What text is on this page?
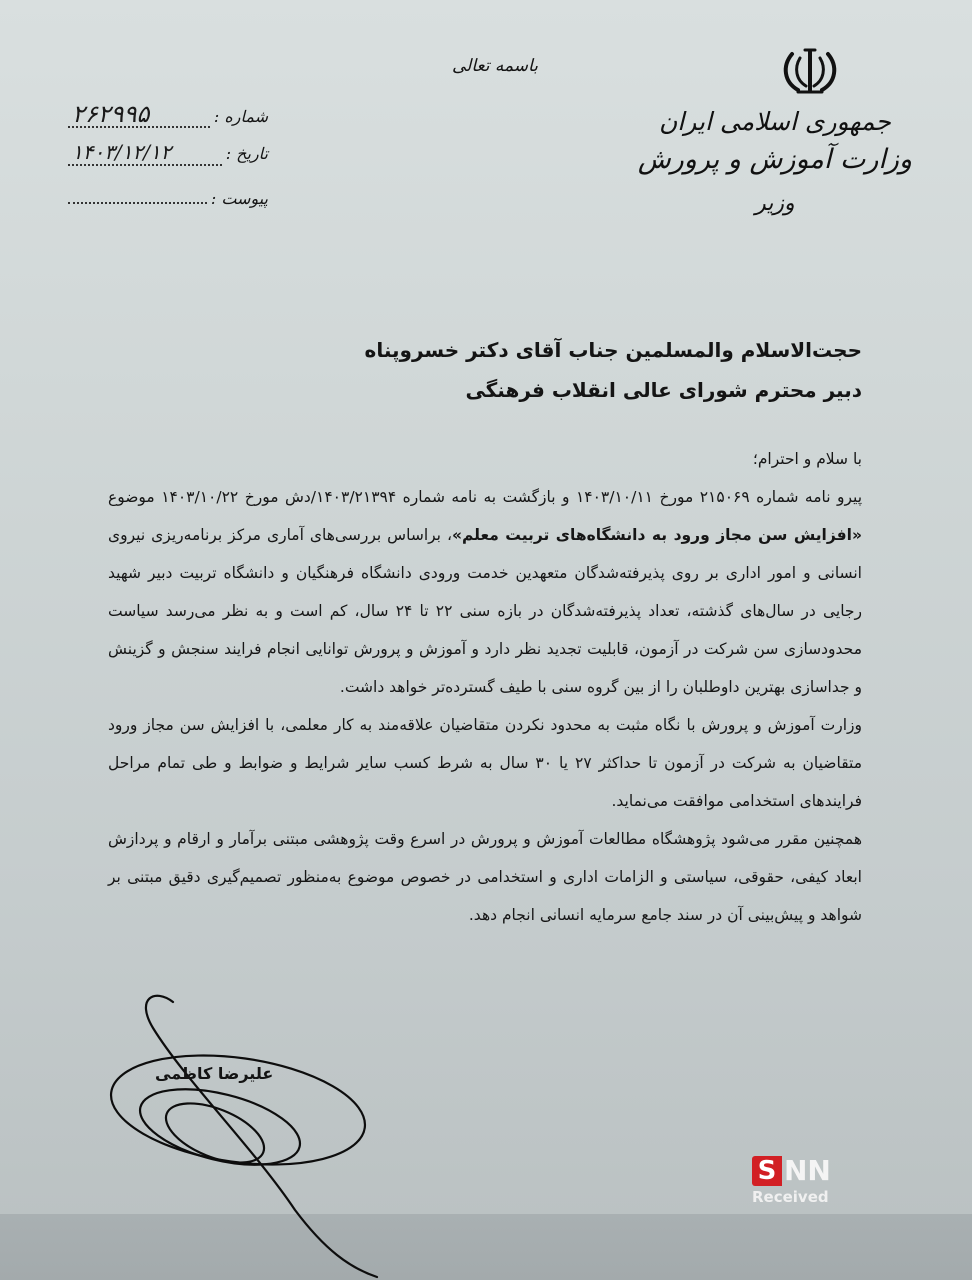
جمهوری اسلامی ایران
وزارت آموزش و پرورش
وزیر
باسمه تعالی
شماره :
۲۶۲۹۹۵
تاریخ :
۱۴۰۳/۱۲/۱۲
پیوست :
حجت‌الاسلام والمسلمین جناب آقای دکتر خسروپناه
دبیر محترم شورای عالی انقلاب فرهنگی

با سلام و احترام؛

پیرو نامه شماره ۲۱۵۰۶۹ مورخ ۱۴۰۳/۱۰/۱۱ و بازگشت به نامه شماره ۱۴۰۳/۲۱۳۹۴/دش مورخ ۱۴۰۳/۱۰/۲۲ موضوع «افزایش سن مجاز ورود به دانشگاه‌های تربیت معلم»، براساس بررسی‌های آماری مرکز برنامه‌ریزی نیروی انسانی و امور اداری بر روی پذیرفته‌شدگان متعهدین خدمت ورودی دانشگاه فرهنگیان و دانشگاه تربیت دبیر شهید رجایی در سال‌های گذشته، تعداد پذیرفته‌شدگان در بازه سنی ۲۲ تا ۲۴ سال، کم است و به نظر می‌رسد سیاست محدودسازی سن شرکت در آزمون، قابلیت تجدید نظر دارد و آموزش و پرورش توانایی انجام فرایند سنجش و گزینش و جداسازی بهترین داوطلبان را از بین گروه سنی با طیف گسترده‌تر خواهد داشت.

وزارت آموزش و پرورش با نگاه مثبت به محدود نکردن متقاضیان علاقه‌مند به کار معلمی، با افزایش سن مجاز ورود متقاضیان به شرکت در آزمون تا حداکثر ۲۷ یا ۳۰ سال به شرط کسب سایر شرایط و ضوابط و طی تمام مراحل فرایندهای استخدامی موافقت می‌نماید.

همچنین مقرر می‌شود پژوهشگاه مطالعات آموزش و پرورش در اسرع وقت پژوهشی مبتنی برآمار و ارقام و پردازش ابعاد کیفی، حقوقی، سیاستی و الزامات اداری و استخدامی در خصوص موضوع به‌منظور تصمیم‌گیری دقیق مبتنی بر شواهد و پیش‌بینی آن در سند جامع سرمایه انسانی انجام دهد.

علیرضا کاظمی
S NN
Received
